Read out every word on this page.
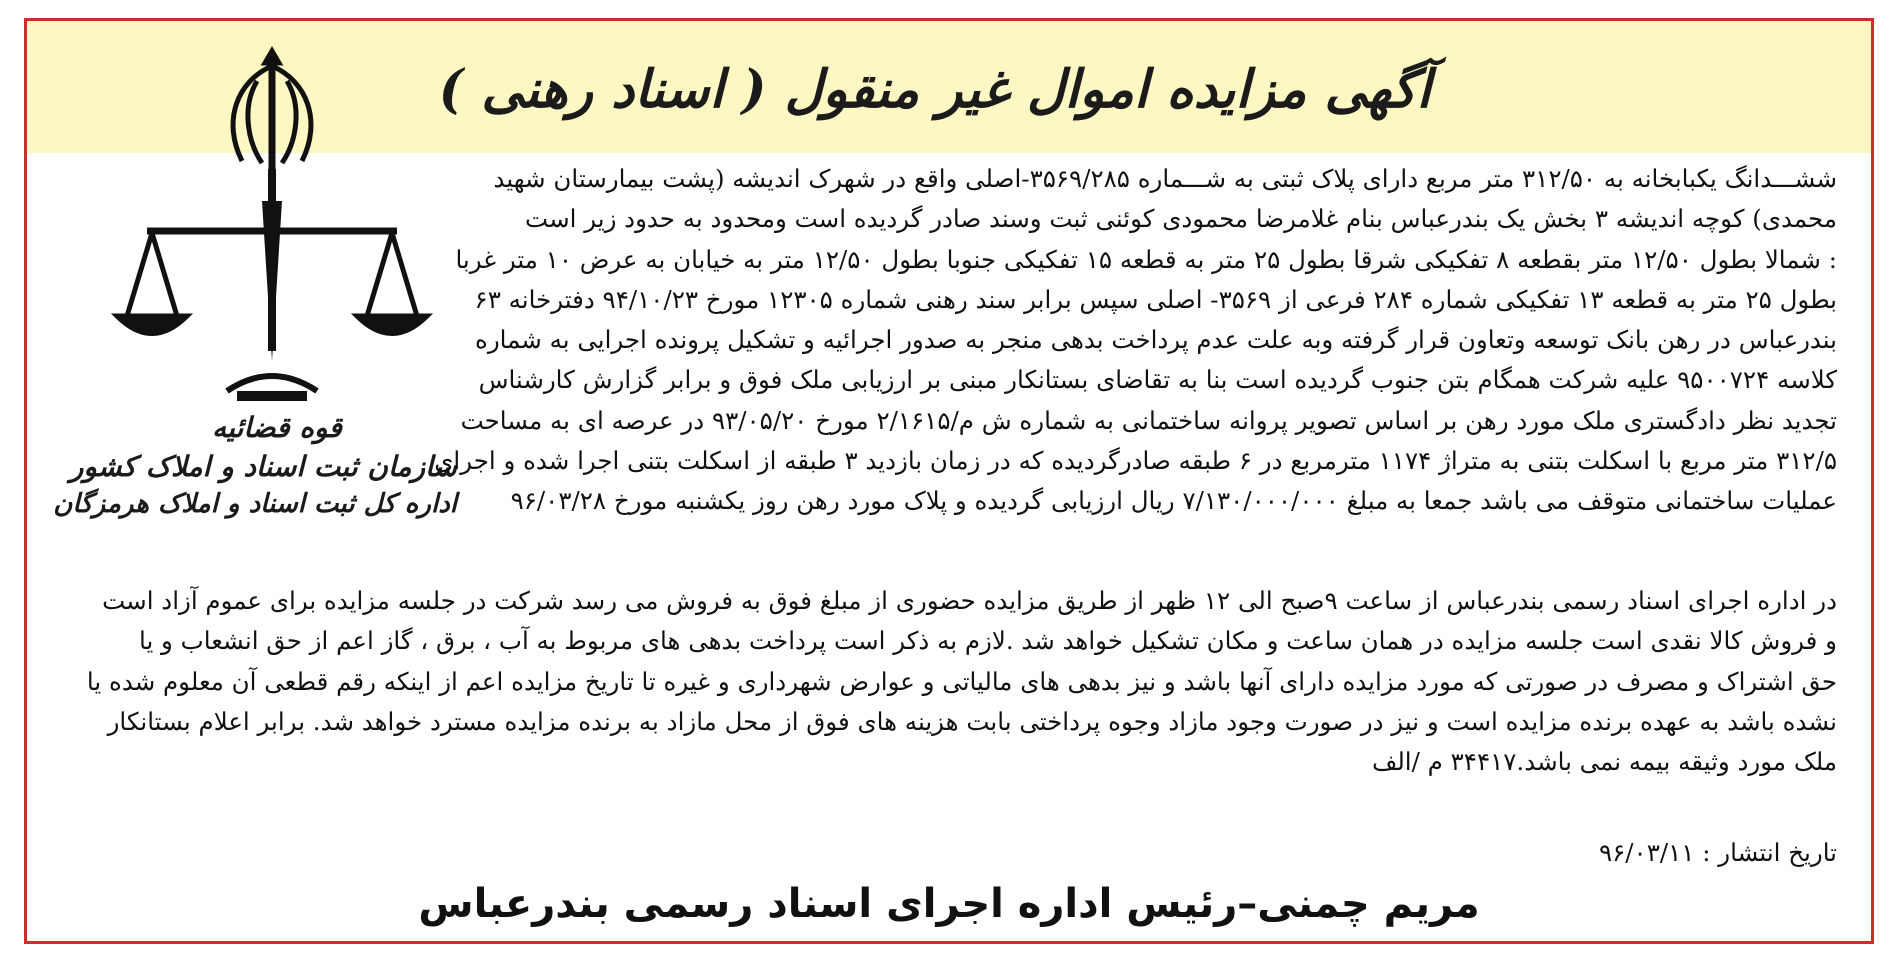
آگهی مزایده اموال غیر منقول ( اسناد رهنی )
قوه قضائیه
سازمان ثبت اسناد و املاک کشور
اداره کل ثبت اسناد و املاک هرمزگان
ششـــدانگ یکبابخانه به ۳۱۲/۵۰ متر مربع دارای پلاک ثبتی به شـــماره ۳۵۶۹/۲۸۵-اصلی واقع در شهرک اندیشه (پشت بیمارستان شهید
محمدی) کوچه اندیشه ۳ بخش یک بندرعباس بنام غلامرضا محمودی کوئنی ثبت وسند صادر گردیده است ومحدود به حدود زیر است
: شمالا بطول ۱۲/۵۰ متر بقطعه ۸ تفکیکی شرقا بطول ۲۵ متر به قطعه ۱۵ تفکیکی جنوبا بطول ۱۲/۵۰ متر به خیابان به عرض ۱۰ متر غربا
بطول ۲۵ متر به قطعه ۱۳ تفکیکی شماره ۲۸۴ فرعی از ۳۵۶۹- اصلی سپس برابر سند رهنی شماره ۱۲۳۰۵ مورخ ۹۴/۱۰/۲۳ دفترخانه ۶۳
بندرعباس در رهن بانک توسعه وتعاون قرار گرفته وبه علت عدم پرداخت بدهی منجر به صدور اجرائیه و تشکیل پرونده اجرایی به شماره
کلاسه ۹۵۰۰۷۲۴ علیه شرکت همگام بتن جنوب گردیده است بنا به تقاضای بستانکار مبنی بر ارزیابی ملک فوق و برابر گزارش کارشناس
تجدید نظر دادگستری ملک مورد رهن بر اساس تصویر پروانه ساختمانی به شماره ش م/۲/۱۶۱۵ مورخ ۹۳/۰۵/۲۰ در عرصه ای به مساحت
۳۱۲/۵ متر مربع با اسکلت بتنی به متراژ ۱۱۷۴ مترمربع در ۶ طبقه صادرگردیده که در زمان بازدید ۳ طبقه از اسکلت بتنی اجرا شده و اجرای
عملیات ساختمانی متوقف می باشد جمعا به مبلغ ۷/۱۳۰/۰۰۰/۰۰۰ ریال ارزیابی گردیده و پلاک مورد رهن روز یکشنبه مورخ ۹۶/۰۳/۲۸
در اداره اجرای اسناد رسمی بندرعباس از ساعت ۹صبح الی ۱۲ ظهر از طریق مزایده حضوری از مبلغ فوق به فروش می رسد شرکت در جلسه مزایده برای عموم آزاد است
و فروش کالا نقدی است جلسه مزایده در همان ساعت و مکان تشکیل خواهد شد .لازم به ذکر است پرداخت بدهی های مربوط به آب ، برق ، گاز اعم از حق انشعاب و یا
حق اشتراک و مصرف در صورتی که مورد مزایده دارای آنها باشد و نیز بدهی های مالیاتی و عوارض شهرداری و غیره تا تاریخ مزایده اعم از اینکه رقم قطعی آن معلوم شده یا
نشده باشد به عهده برنده مزایده است و نیز در صورت وجود مازاد وجوه پرداختی بابت هزینه های فوق از محل مازاد به برنده مزایده مسترد خواهد شد. برابر اعلام بستانکار
ملک مورد وثیقه بیمه نمی باشد.۳۴۴۱۷ م /الف
تاریخ انتشار : ۹۶/۰۳/۱۱
مریم چمنی–رئیس اداره اجرای اسناد رسمی بندرعباس
